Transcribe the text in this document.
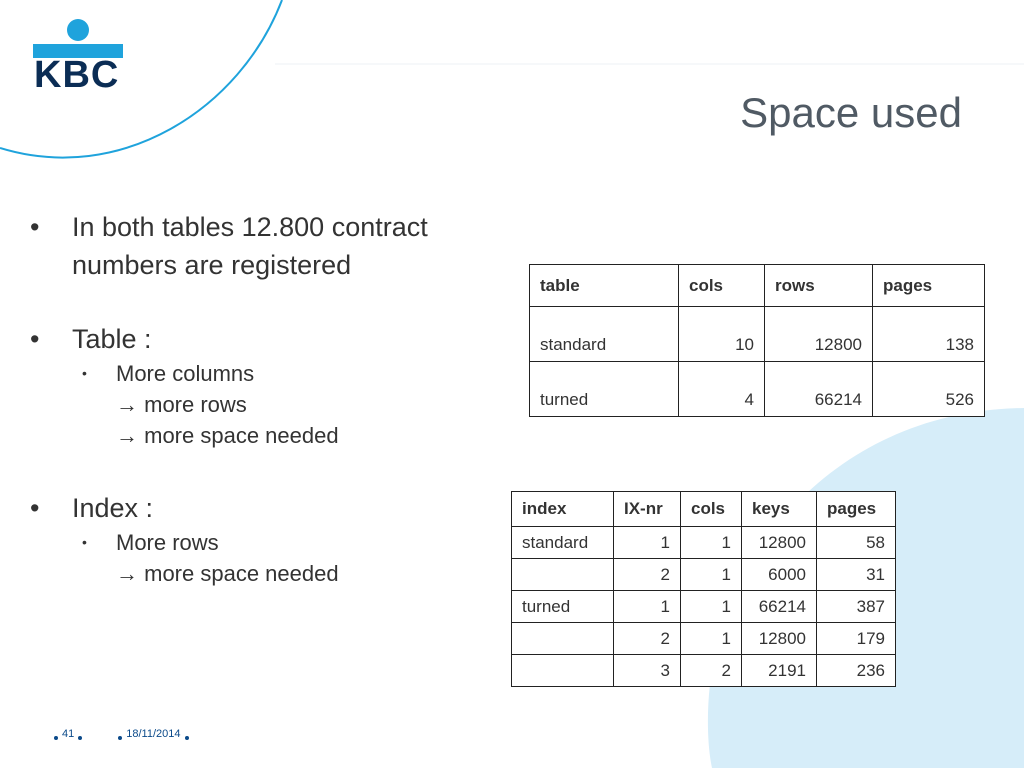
KBC
Space used
•	In both tables 12.800 contract numbers are registered
•	Table :
•	More columns
→ more rows
→ more space needed
•	Index :
•	More rows
→ more space needed
table	cols	rows	pages
standard	10	12800	138
turned	4	66214	526
index	IX-nr	cols	keys	pages
standard	1	1	12800	58
	2	1	6000	31
turned	1	1	66214	387
	2	1	12800	179
	3	2	2191	236
41	18/11/2014
